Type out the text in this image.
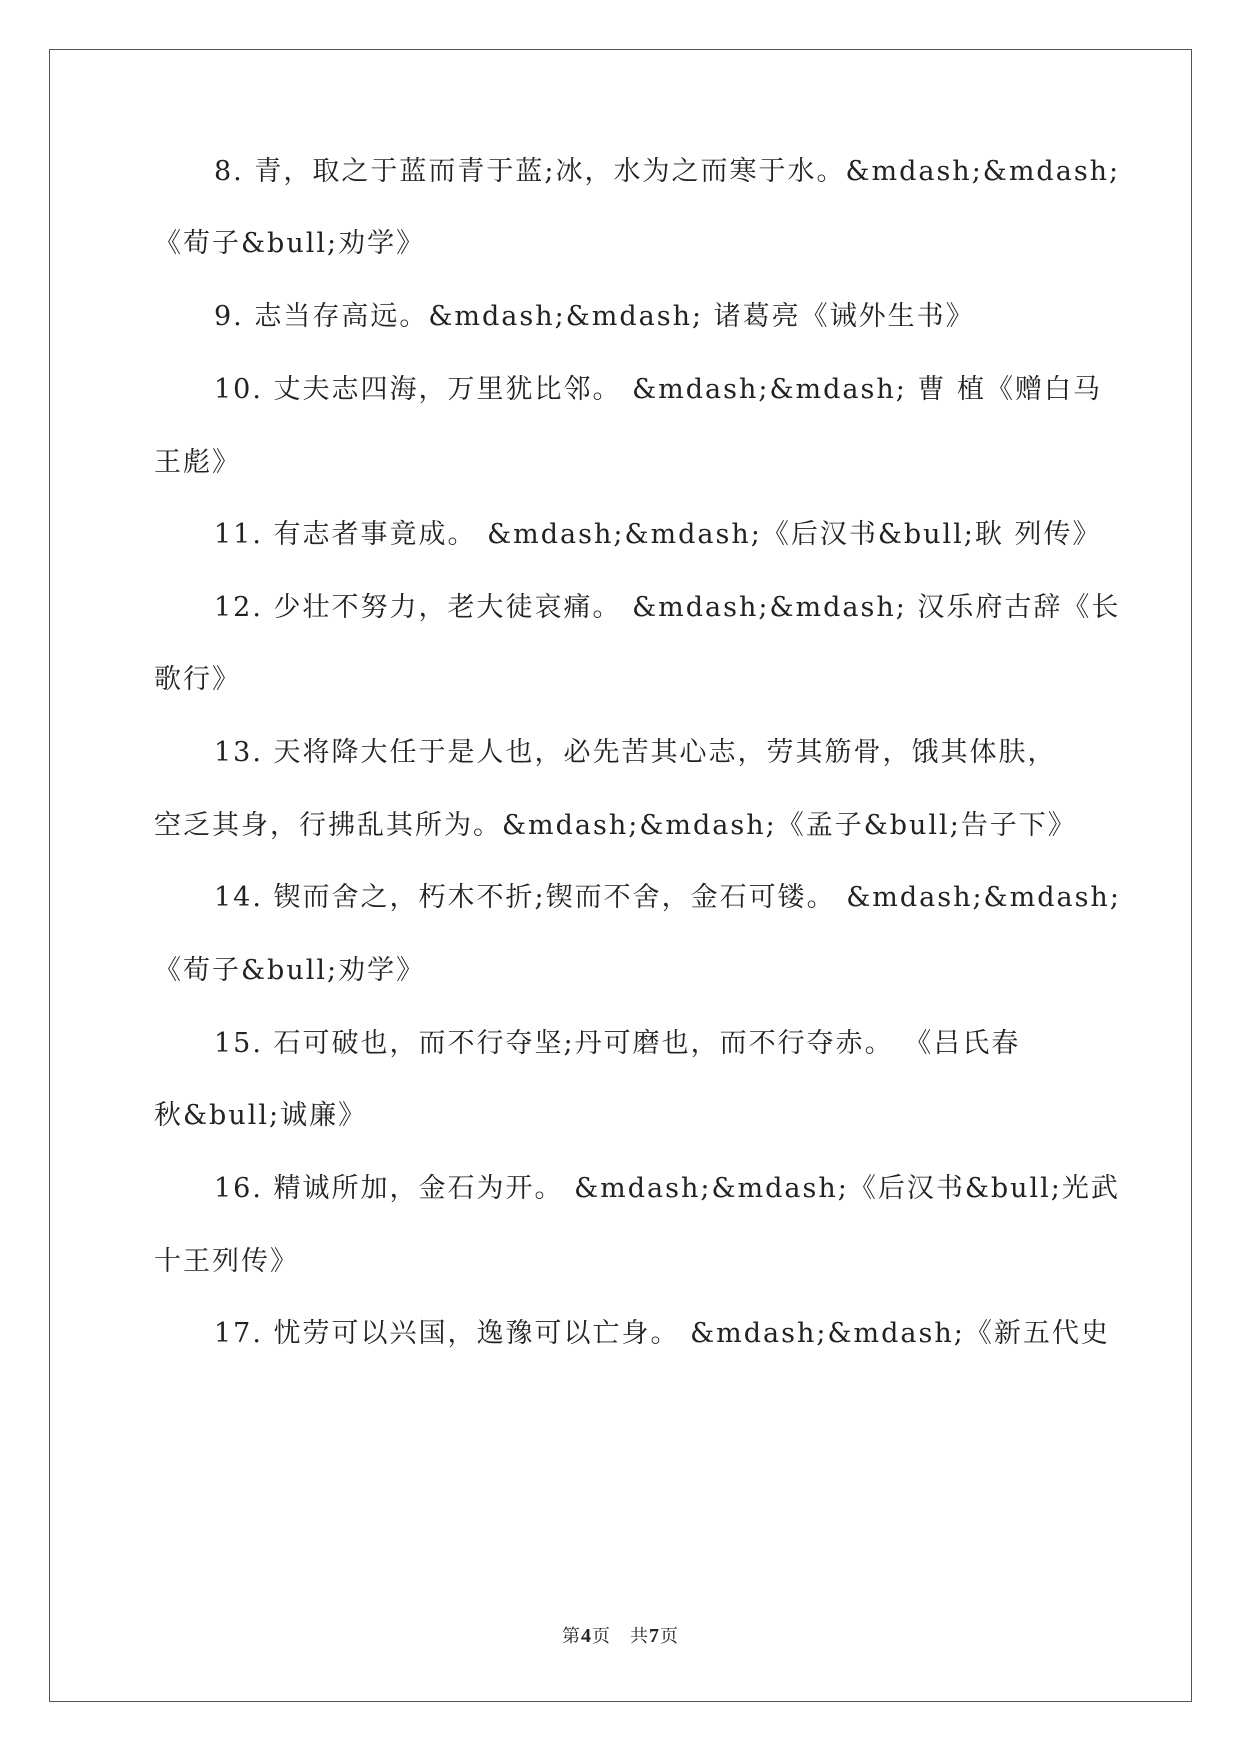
8. 青，取之于蓝而青于蓝;冰，水为之而寒于水。&mdash;&mdash;
《荀子&bull;劝学》
9. 志当存高远。&mdash;&mdash; 诸葛亮《诫外生书》
10. 丈夫志四海，万里犹比邻。 &mdash;&mdash; 曹 植《赠白马
王彪》
11. 有志者事竟成。 &mdash;&mdash;《后汉书&bull;耿 列传》
12. 少壮不努力，老大徒哀痛。 &mdash;&mdash; 汉乐府古辞《长
歌行》
13. 天将降大任于是人也，必先苦其心志，劳其筋骨，饿其体肤，
空乏其身，行拂乱其所为。&mdash;&mdash;《孟子&bull;告子下》
14. 锲而舍之，朽木不折;锲而不舍，金石可镂。 &mdash;&mdash;
《荀子&bull;劝学》
15. 石可破也，而不行夺坚;丹可磨也，而不行夺赤。 《吕氏春
秋&bull;诚廉》
16. 精诚所加，金石为开。 &mdash;&mdash;《后汉书&bull;光武
十王列传》
17. 忧劳可以兴国，逸豫可以亡身。 &mdash;&mdash;《新五代史
第4页　共7页
